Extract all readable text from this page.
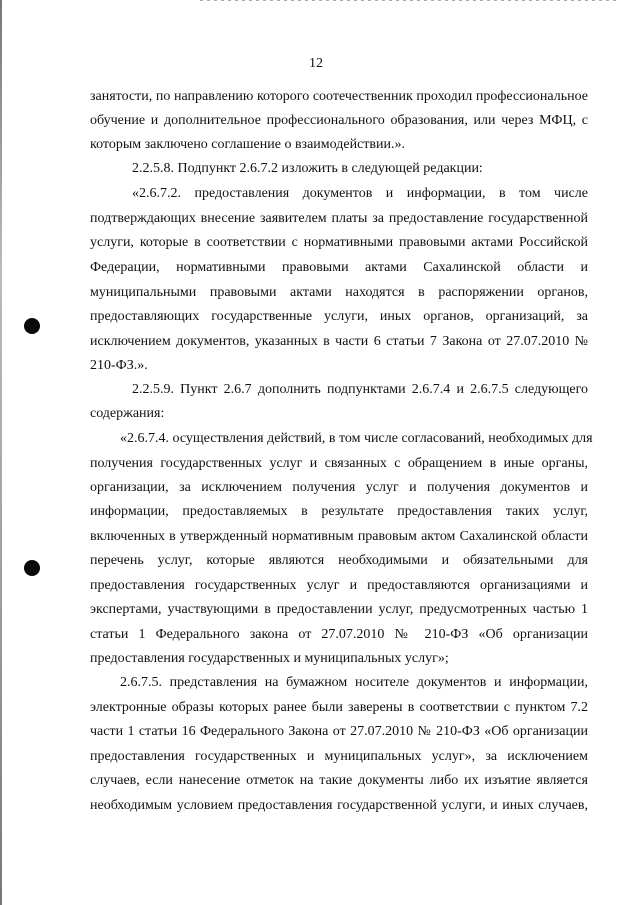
12
занятости, по направлению которого соотечественник проходил профессиональное
обучение и дополнительное профессионального образования, или через МФЦ, с
которым заключено соглашение о взаимодействии.».
2.2.5.8. Подпункт 2.6.7.2 изложить в следующей редакции:
«2.6.7.2. предоставления документов и информации, в том числе
подтверждающих внесение заявителем платы за предоставление государственной
услуги, которые в соответствии с нормативными правовыми актами Российской
Федерации, нормативными правовыми актами Сахалинской области и
муниципальными правовыми актами находятся в распоряжении органов,
предоставляющих государственные услуги, иных органов, организаций, за
исключением документов, указанных в части 6 статьи 7 Закона от 27.07.2010 №
210-ФЗ.».
2.2.5.9. Пункт 2.6.7 дополнить подпунктами 2.6.7.4 и 2.6.7.5 следующего
содержания:
«2.6.7.4. осуществления действий, в том числе согласований, необходимых для
получения государственных услуг и связанных с обращением в иные органы,
организации, за исключением получения услуг и получения документов и
информации, предоставляемых в результате предоставления таких услуг,
включенных в утвержденный нормативным правовым актом Сахалинской области
перечень услуг, которые являются необходимыми и обязательными для
предоставления государственных услуг и предоставляются организациями и
экспертами, участвующими в предоставлении услуг, предусмотренных частью 1
статьи 1 Федерального закона от 27.07.2010 № 210-ФЗ «Об организации
предоставления государственных и муниципальных услуг»;
2.6.7.5. представления на бумажном носителе документов и информации,
электронные образы которых ранее были заверены в соответствии с пунктом 7.2
части 1 статьи 16 Федерального Закона от 27.07.2010 № 210-ФЗ «Об организации
предоставления государственных и муниципальных услуг», за исключением
случаев, если нанесение отметок на такие документы либо их изъятие является
необходимым условием предоставления государственной услуги, и иных случаев,
